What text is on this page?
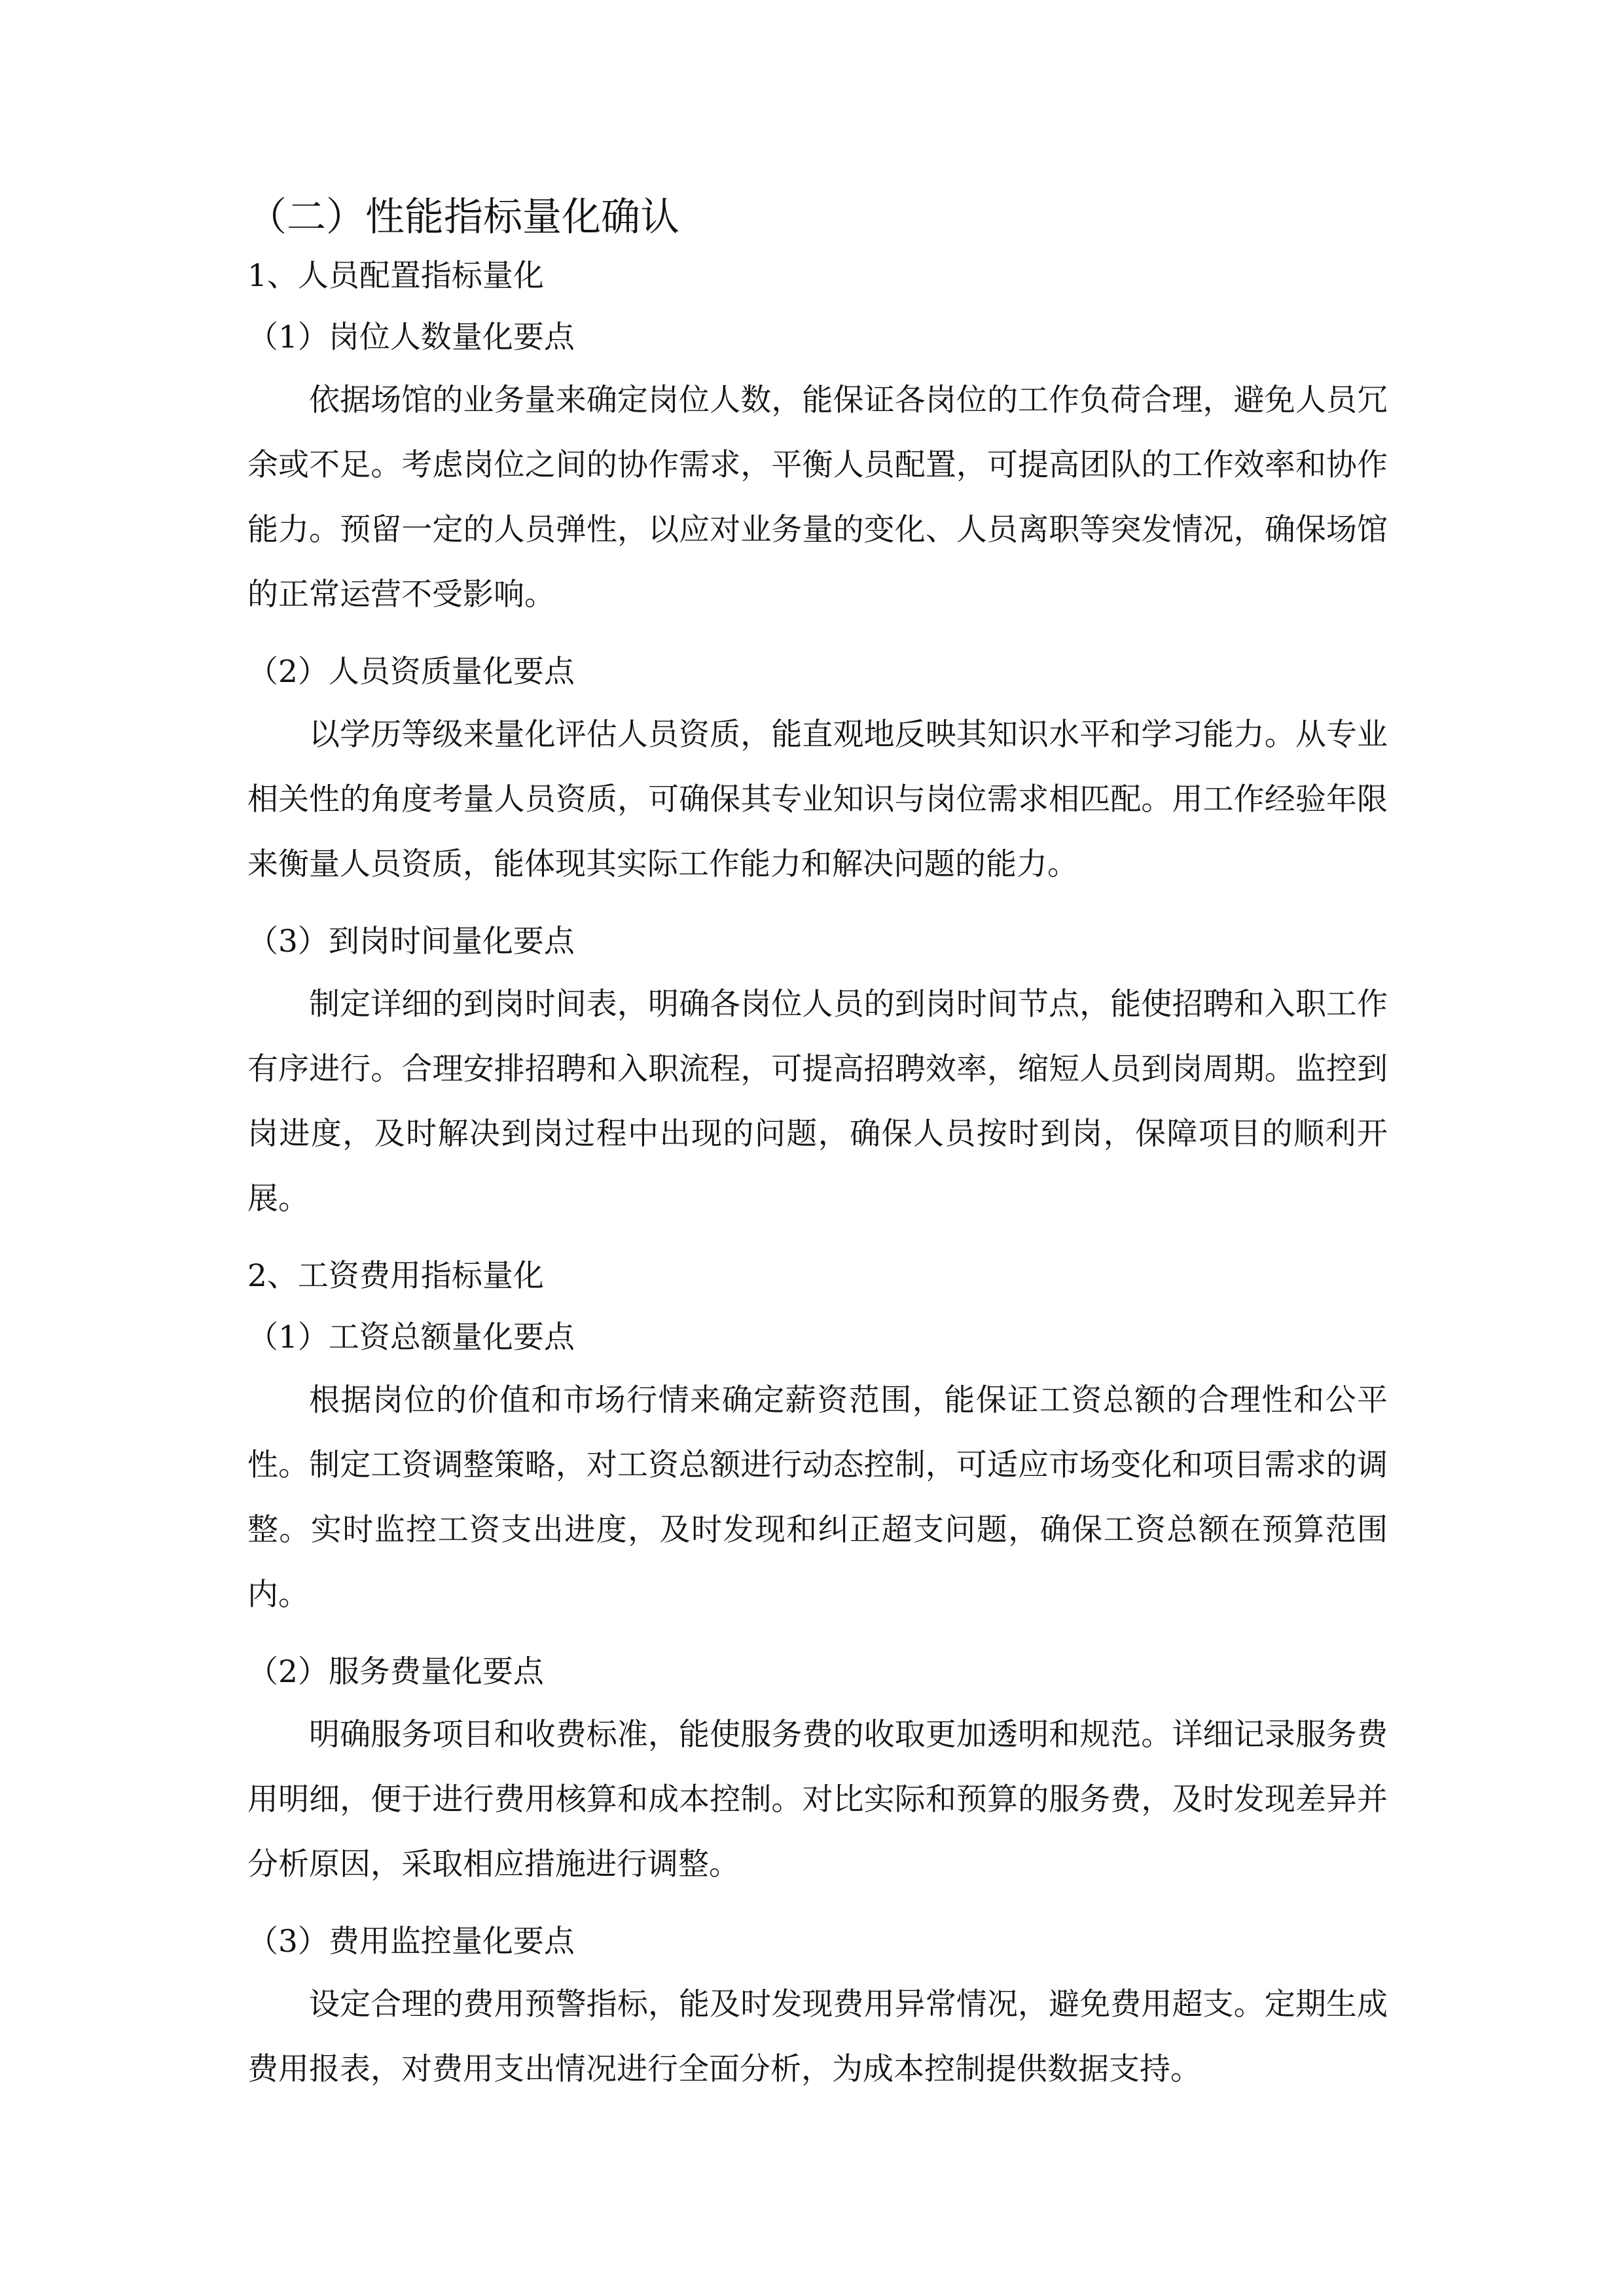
（二）性能指标量化确认
1、人员配置指标量化
（1）岗位人数量化要点

依据场馆的业务量来确定岗位人数，能保证各岗位的工作负荷合理，避免人员冗余或不足。考虑岗位之间的协作需求，平衡人员配置，可提高团队的工作效率和协作能力。预留一定的人员弹性，以应对业务量的变化、人员离职等突发情况，确保场馆的正常运营不受影响。

（2）人员资质量化要点

以学历等级来量化评估人员资质，能直观地反映其知识水平和学习能力。从专业相关性的角度考量人员资质，可确保其专业知识与岗位需求相匹配。用工作经验年限来衡量人员资质，能体现其实际工作能力和解决问题的能力。

（3）到岗时间量化要点

制定详细的到岗时间表，明确各岗位人员的到岗时间节点，能使招聘和入职工作有序进行。合理安排招聘和入职流程，可提高招聘效率，缩短人员到岗周期。监控到岗进度，及时解决到岗过程中出现的问题，确保人员按时到岗，保障项目的顺利开展。

2、工资费用指标量化
（1）工资总额量化要点

根据岗位的价值和市场行情来确定薪资范围，能保证工资总额的合理性和公平性。制定工资调整策略，对工资总额进行动态控制，可适应市场变化和项目需求的调整。实时监控工资支出进度，及时发现和纠正超支问题，确保工资总额在预算范围内。

（2）服务费量化要点

明确服务项目和收费标准，能使服务费的收取更加透明和规范。详细记录服务费用明细，便于进行费用核算和成本控制。对比实际和预算的服务费，及时发现差异并分析原因，采取相应措施进行调整。

（3）费用监控量化要点

设定合理的费用预警指标，能及时发现费用异常情况，避免费用超支。定期生成费用报表，对费用支出情况进行全面分析，为成本控制提供数据支持。
